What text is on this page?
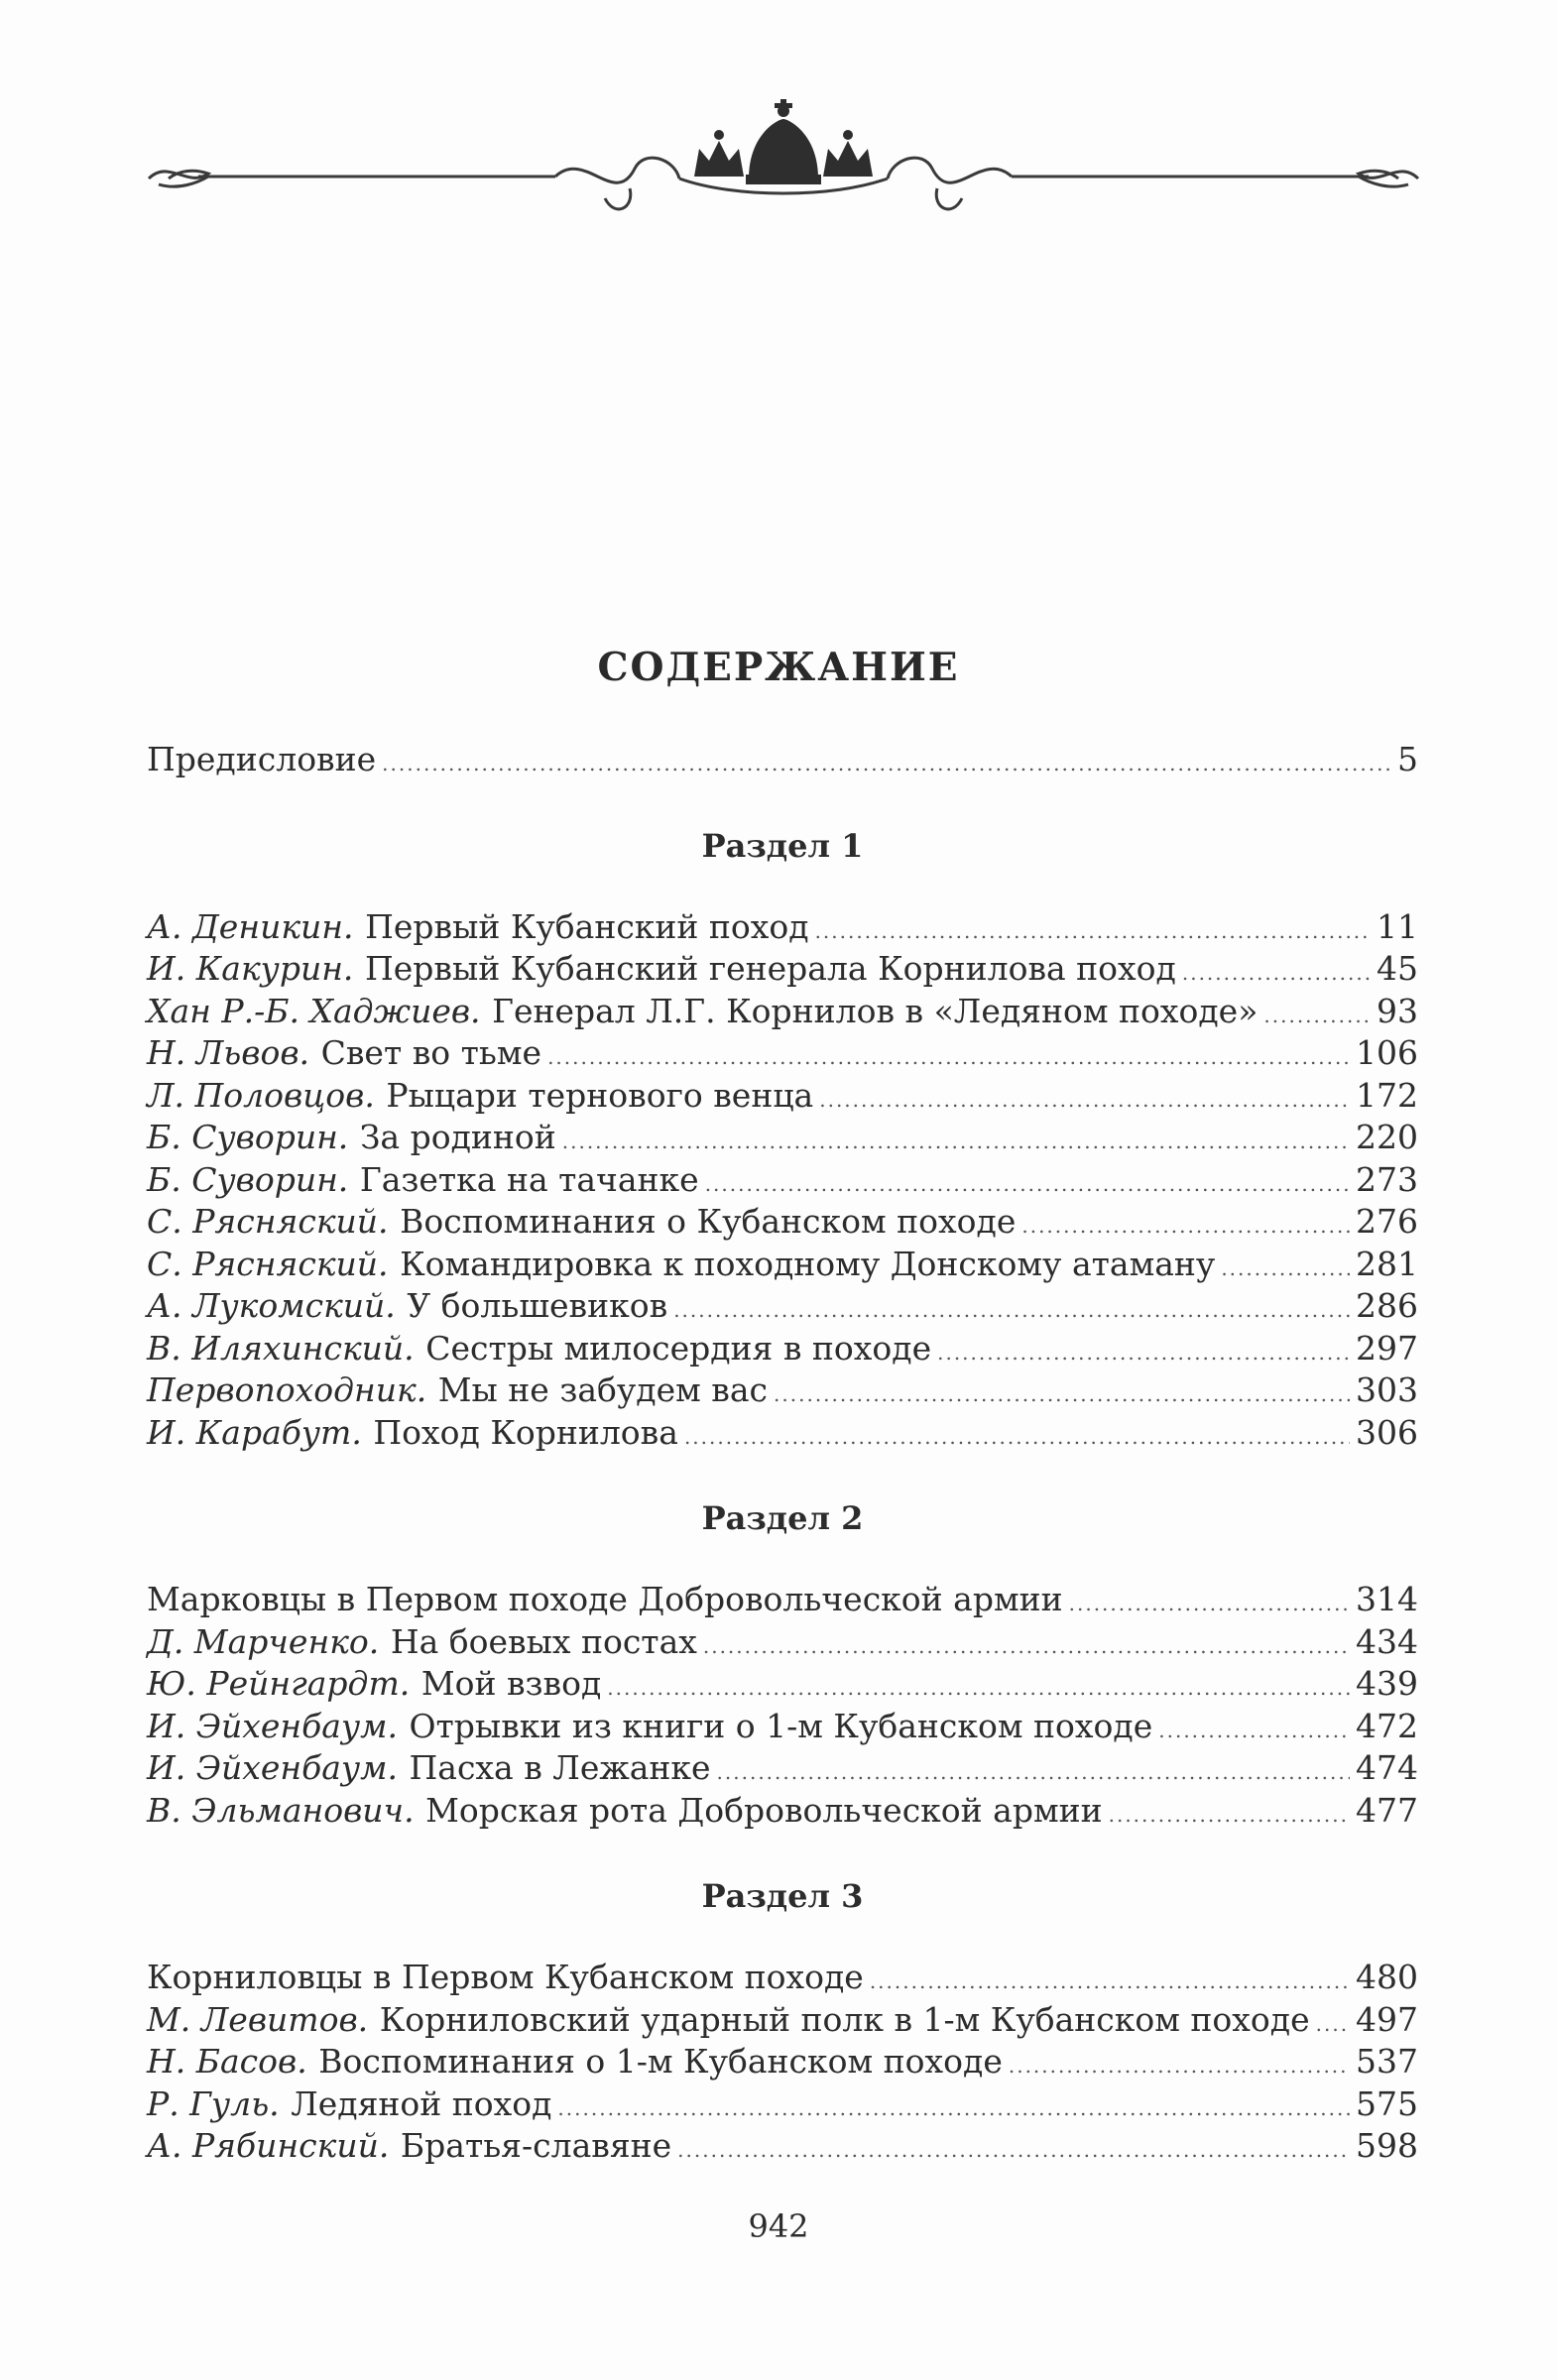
СОДЕРЖАНИЕ
Предисловие .....	5
Раздел 1
А. Деникин. Первый Кубанский поход .....	11
И. Какурин. Первый Кубанский генерала Корнилова поход .....	45
Хан Р.-Б. Хаджиев. Генерал Л.Г. Корнилов в «Ледяном походе» .....	93
Н. Львов. Свет во тьме .....	106
Л. Половцов. Рыцари тернового венца .....	172
Б. Суворин. За родиной .....	220
Б. Суворин. Газетка на тачанке .....	273
С. Рясняский. Воспоминания о Кубанском походе .....	276
С. Рясняский. Командировка к походному Донскому атаману .....	281
А. Лукомский. У большевиков .....	286
В. Иляхинский. Сестры милосердия в походе .....	297
Первопоходник. Мы не забудем вас .....	303
И. Карабут. Поход Корнилова .....	306
Раздел 2
Марковцы в Первом походе Добровольческой армии .....	314
Д. Марченко. На боевых постах .....	434
Ю. Рейнгардт. Мой взвод .....	439
И. Эйхенбаум. Отрывки из книги о 1-м Кубанском походе .....	472
И. Эйхенбаум. Пасха в Лежанке .....	474
В. Эльманович. Морская рота Добровольческой армии .....	477
Раздел 3
Корниловцы в Первом Кубанском походе .....	480
М. Левитов. Корниловский ударный полк в 1-м Кубанском походе ..... 497
Н. Басов. Воспоминания о 1-м Кубанском походе .....	537
Р. Гуль. Ледяной поход .....	575
А. Рябинский. Братья-славяне .....	598
942
